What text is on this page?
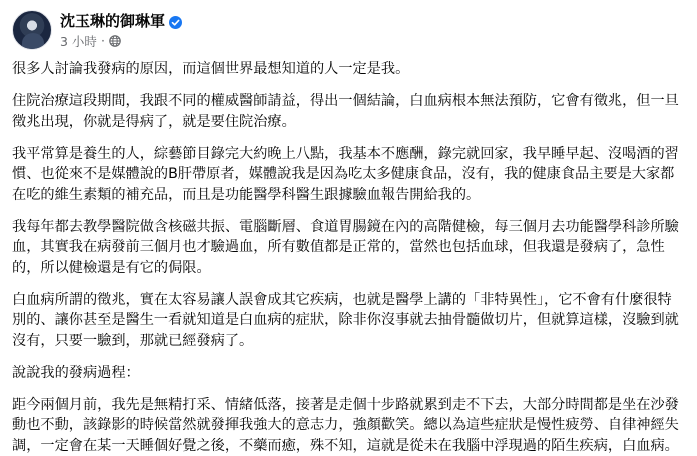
沈玉琳的御琳軍
3 小時 ·

很多人討論我發病的原因，而這個世界最想知道的人一定是我。

住院治療這段期間，我跟不同的權威醫師請益，得出一個結論，白血病根本無法預防，它會有徵兆，但一旦徵兆出現，你就是得病了，就是要住院治療。

我平常算是養生的人，綜藝節目錄完大約晚上八點，我基本不應酬，錄完就回家，我早睡早起、沒喝酒的習慣、也從來不是媒體說的B肝帶原者，媒體說我是因為吃太多健康食品，沒有，我的健康食品主要是大家都在吃的維生素類的補充品，而且是功能醫學科醫生跟據驗血報告開給我的。

我每年都去教學醫院做含核磁共振、電腦斷層、食道胃腸鏡在內的高階健檢，每三個月去功能醫學科診所驗血，其實我在病發前三個月也才驗過血，所有數值都是正常的，當然也包括血球，但我還是發病了，急性的，所以健檢還是有它的侷限。

白血病所謂的徵兆，實在太容易讓人誤會成其它疾病，也就是醫學上講的「非特異性」，它不會有什麼很特別的、讓你甚至是醫生一看就知道是白血病的症狀，除非你沒事就去抽骨髓做切片，但就算這樣，沒驗到就沒有，只要一驗到，那就已經發病了。

說說我的發病過程：

距今兩個月前，我先是無精打采、情緒低落，接著是走個十步路就累到走不下去，大部分時間都是坐在沙發動也不動，該錄影的時候當然就發揮我強大的意志力，強顏歡笑。總以為這些症狀是慢性疲勞、自律神經失調，一定會在某一天睡個好覺之後，不藥而癒，殊不知，這就是從未在我腦中浮現過的陌生疾病，白血病。
